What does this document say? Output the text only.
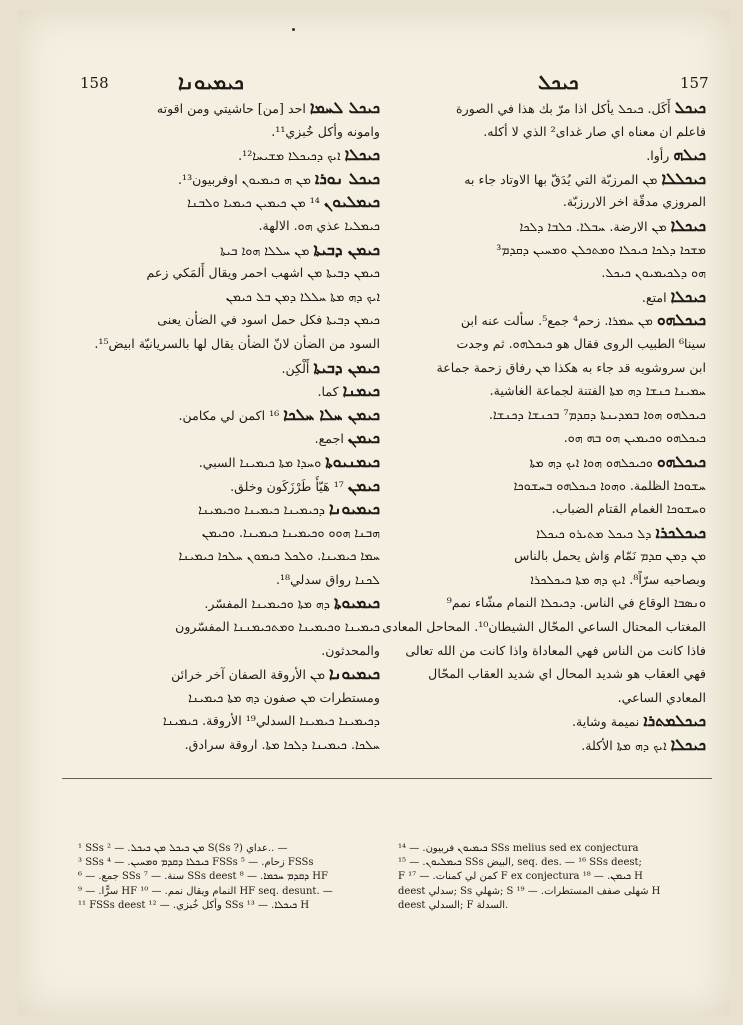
158	ܟܝܡܝܘܢܐ	ܟܝܟܠ	157
ܟܝܟܠ ܠܚܡܐ احد [من] حاشيتي ومن اقوته
وامونه وأكل خُبزي¹¹.
ܟܝܟܠܐ ܐܝܟ ܕܟܝܟܠܐ ܡܫܝܚܐ¹².
ܟܝܟܠ ܢܘܪܐ ܡܢ ܗ ܟܝܡܝܘܢ اوفربيون¹³.
ܟܝܡܠܝܘܢ ¹⁴ ܡܢ ܟܝܡܝܢ ܟܝܡܝܐ ܘܠܒܢܐ
ܟܝܡܠܝܐ عذي ܗܘ. الالهة.
ܟܝܡܢ ܕܒܝܬܐ ܡܢ ܚܠܠܐ ܗܘܐ ܒܝܬܐ
ܟܝܡܢ ܕܒܝܬܐ ܡܢ اشهب احمر ويقال أَلمَكي زعم
ܐܝܟ ܕܗ ܡܬܐ ܚܠܠܐ ܕܡܢ ܒܠ ܟܝܡܢ
ܟܝܡܢ ܕܒܝܬܐ فكل حمل اسود في الضأن يعنى
السود من الضأن لانّ الضأن يقال لها بالسريانيّة ابيض¹⁵.
ܟܝܡܢ ܕܒܝܬܐ أَلْكِن.
ܟܝܡܢܐ كما.
ܟܝܡܢ ܚܠܐ ܚܠܟܐ ¹⁶ اكمن لي مكامن.
ܟܝܡܢ اجمع.
ܟܝܡܢܝܘܬܐ ܘܚܕܐ ܡܬܐ ܟܝܡܝܢܐ السبي.
ܟܝܡܢ ¹⁷ هَيّأَ طَرْزَكَون وخلق.
ܟܝܡܝܘܢܐ ܕܟܝܡܝܢܐ ܟܝܡܝܢܐ ܘܟܝܡܝܢܐ
ܗܒܢܐ ܗܘܘ ܘܟܝܡܝܢܐ ܟܝܡܝܢܐ. ܘܟܝܡܢ
ܚܡܐ ܟܝܡܝܢܐ. ܘܠܟܠ ܟܝܡܘܢ ܚܠܟܐ ܟܝܡܝܢܐ
ܠܟܢܐ رواق سدلي¹⁸.
ܟܝܡܝܘܬܐ ܕܗ ܡܬܐ ܘܟܝܡܝܢܐ المفسّر.
ܟܝܡܝܢܐ ܘܟܝܡܝܢܐ ܘܡܬܟܝܡܢܢܐ المفسّرون
والمحدثون.
ܟܝܡܝܘܢܐ ܡܢ الأروقة الصفان آخر خرائن
ومستطرات ܡܢ صفون ܕܗ ܡܬܐ ܟܝܡܝܢܐ
ܕܟܝܡܝܢܐ ܟܝܡܝܢܐ السدلي¹⁹ الأروقة. ܟܝܡܝܢܐ
ܚܠܟܐ. ܟܝܡܝܢܐ ܕܠܟܐ ܡܬܐ. اروقة سرادق.
ܟܝܟܠ أَكَل. ܟܝܟܠ يأكل اذا مرّ بك هذا في الصورة
فاعلم ان معناه اي صار غداى² الذي لا أكله.
ܟܝܠܗ رأوا.
ܟܝܟܠܠܐ ܡܢ المرزبّة التي يُدَقّ بها الاوتاد جاء به
المروزي مدقّة اخر الاررزبّة.
ܟܝܟܠܐ ܡܢ الارضة. ܚܒܠܐ. ܟܠܒܐ ܕܠܟܐ
ܡܫܟܐ ܕܠܟܐ ܟܝܟܠܐ ܘܡܬܟܠܢ ܘܡܚܝܢ ܕܩܕܡ³
ܗܘ ܕܠܟܝܡܝܘܢ ܟܝܟܠ.
ܟܝܟܠܐ امتع.
ܟܝܟܠܗܘ ܡܢ ܚܡܪܐ. زحم⁴ جمع⁵. سألت عنه ابن
سينا⁶ الطبيب الروى فقال هو ܟܝܟܠܗܘ. ثم وجدت
ابن سروشويه قد جاء به هكذا ܡܢ رفاق زحمة جماعة
ܚܡܝܢܐ ܟܢܫܐ ܕܗ ܡܬܐ الفتنة لجماعة الغاشية.
ܟܝܟܠܗܘ ܗܘܐ ܒܡܕܝܢܬܐ ܕܩܕܡ⁷ ܒܟܢܫܐ ܕܟܢܫܐ.
ܟܝܟܠܗܘ ܘܟܝܡܝܢ ܗܘ ܒܗ ܗܘ.
ܟܝܟܠܗܘ ܘܟܝܟܠܗܘ ܗܘܐ ܐܝܟ ܕܗ ܡܬܐ
ܚܫܘܟܐ الظلمة. ܘܗܘܐ ܟܝܟܠܗܘ ܒܚܫܘܟܐ
ܘܚܫܘܟܐ الغمام القتام الضباب.
ܟܝܟܠܟܪܐ ܕܠ ܟܝܟܠ ܡܬܝܪܘ ܟܝܟܠܐ
ܡܢ ܕܡܢ ܩܕܡ نَمّام وَاش يحمل بالناس
وبصاحبه سرّاً⁸. ܐܝܟ ܕܗ ܡܬܐ ܟܝܟܠܟܪܐ
ܘܢܣܒܐ الوقاع في الناس. ܕܟܝܟܠܐ النمام مشّاء نمم⁹
المغتاب المحتال الساعي المحّال الشيطان¹⁰. المحاحل المعادى
فاذا كانت من الناس فهي المعاداة واذا كانت من الله تعالى
فهي العقاب هو شديد المحال اي شديد العقاب المحّال
المعادي الساعي.
ܟܝܟܠܡܬܪܐ نميمة وشاية.
ܟܝܟܠܐ ܐܝܟ ܕܗ ܡܬܐ الأكلة.
¹ SSs ܡܢ ܟܝܟܠ ܡܢ ܟܝܟܠ. — ² S(Ss ?) عداي.. —
³ SSs ܟܝܟܠܐ ܕܩܕܡ ܘܡܚܝܢ. — ⁴ FSSs زحام. — ⁵ FSSs
جمع. — ⁶ SSs سنة. — ⁷ SSs deest ܕܩܕܡ ܚܟܡܐ. — ⁸ HF
سرًّا. — ⁹ HF النمام ويقال نمم. — ¹⁰ HF seq. desunt. —
¹¹ FSSs deest وأكل خُبزي. — ¹² SSs ܟܝܟܠܐ. — ¹³ H
ܟܝܡܝܘܢ فربيون. — ¹⁴ SSs melius sed ex conjectura
ܟܝܡܠܝܘܢ. — ¹⁵ SSs البيض, seq. des. — ¹⁶ SSs deest;
F كمن لي كمنات. — ¹⁷ F ex conjectura ܟܝܡܢ. — ¹⁸ H
deest سدلي; Ss شهلي; S شهلى صفف المستطرات. — ¹⁹ H
deest السدلي; F السدلة.
